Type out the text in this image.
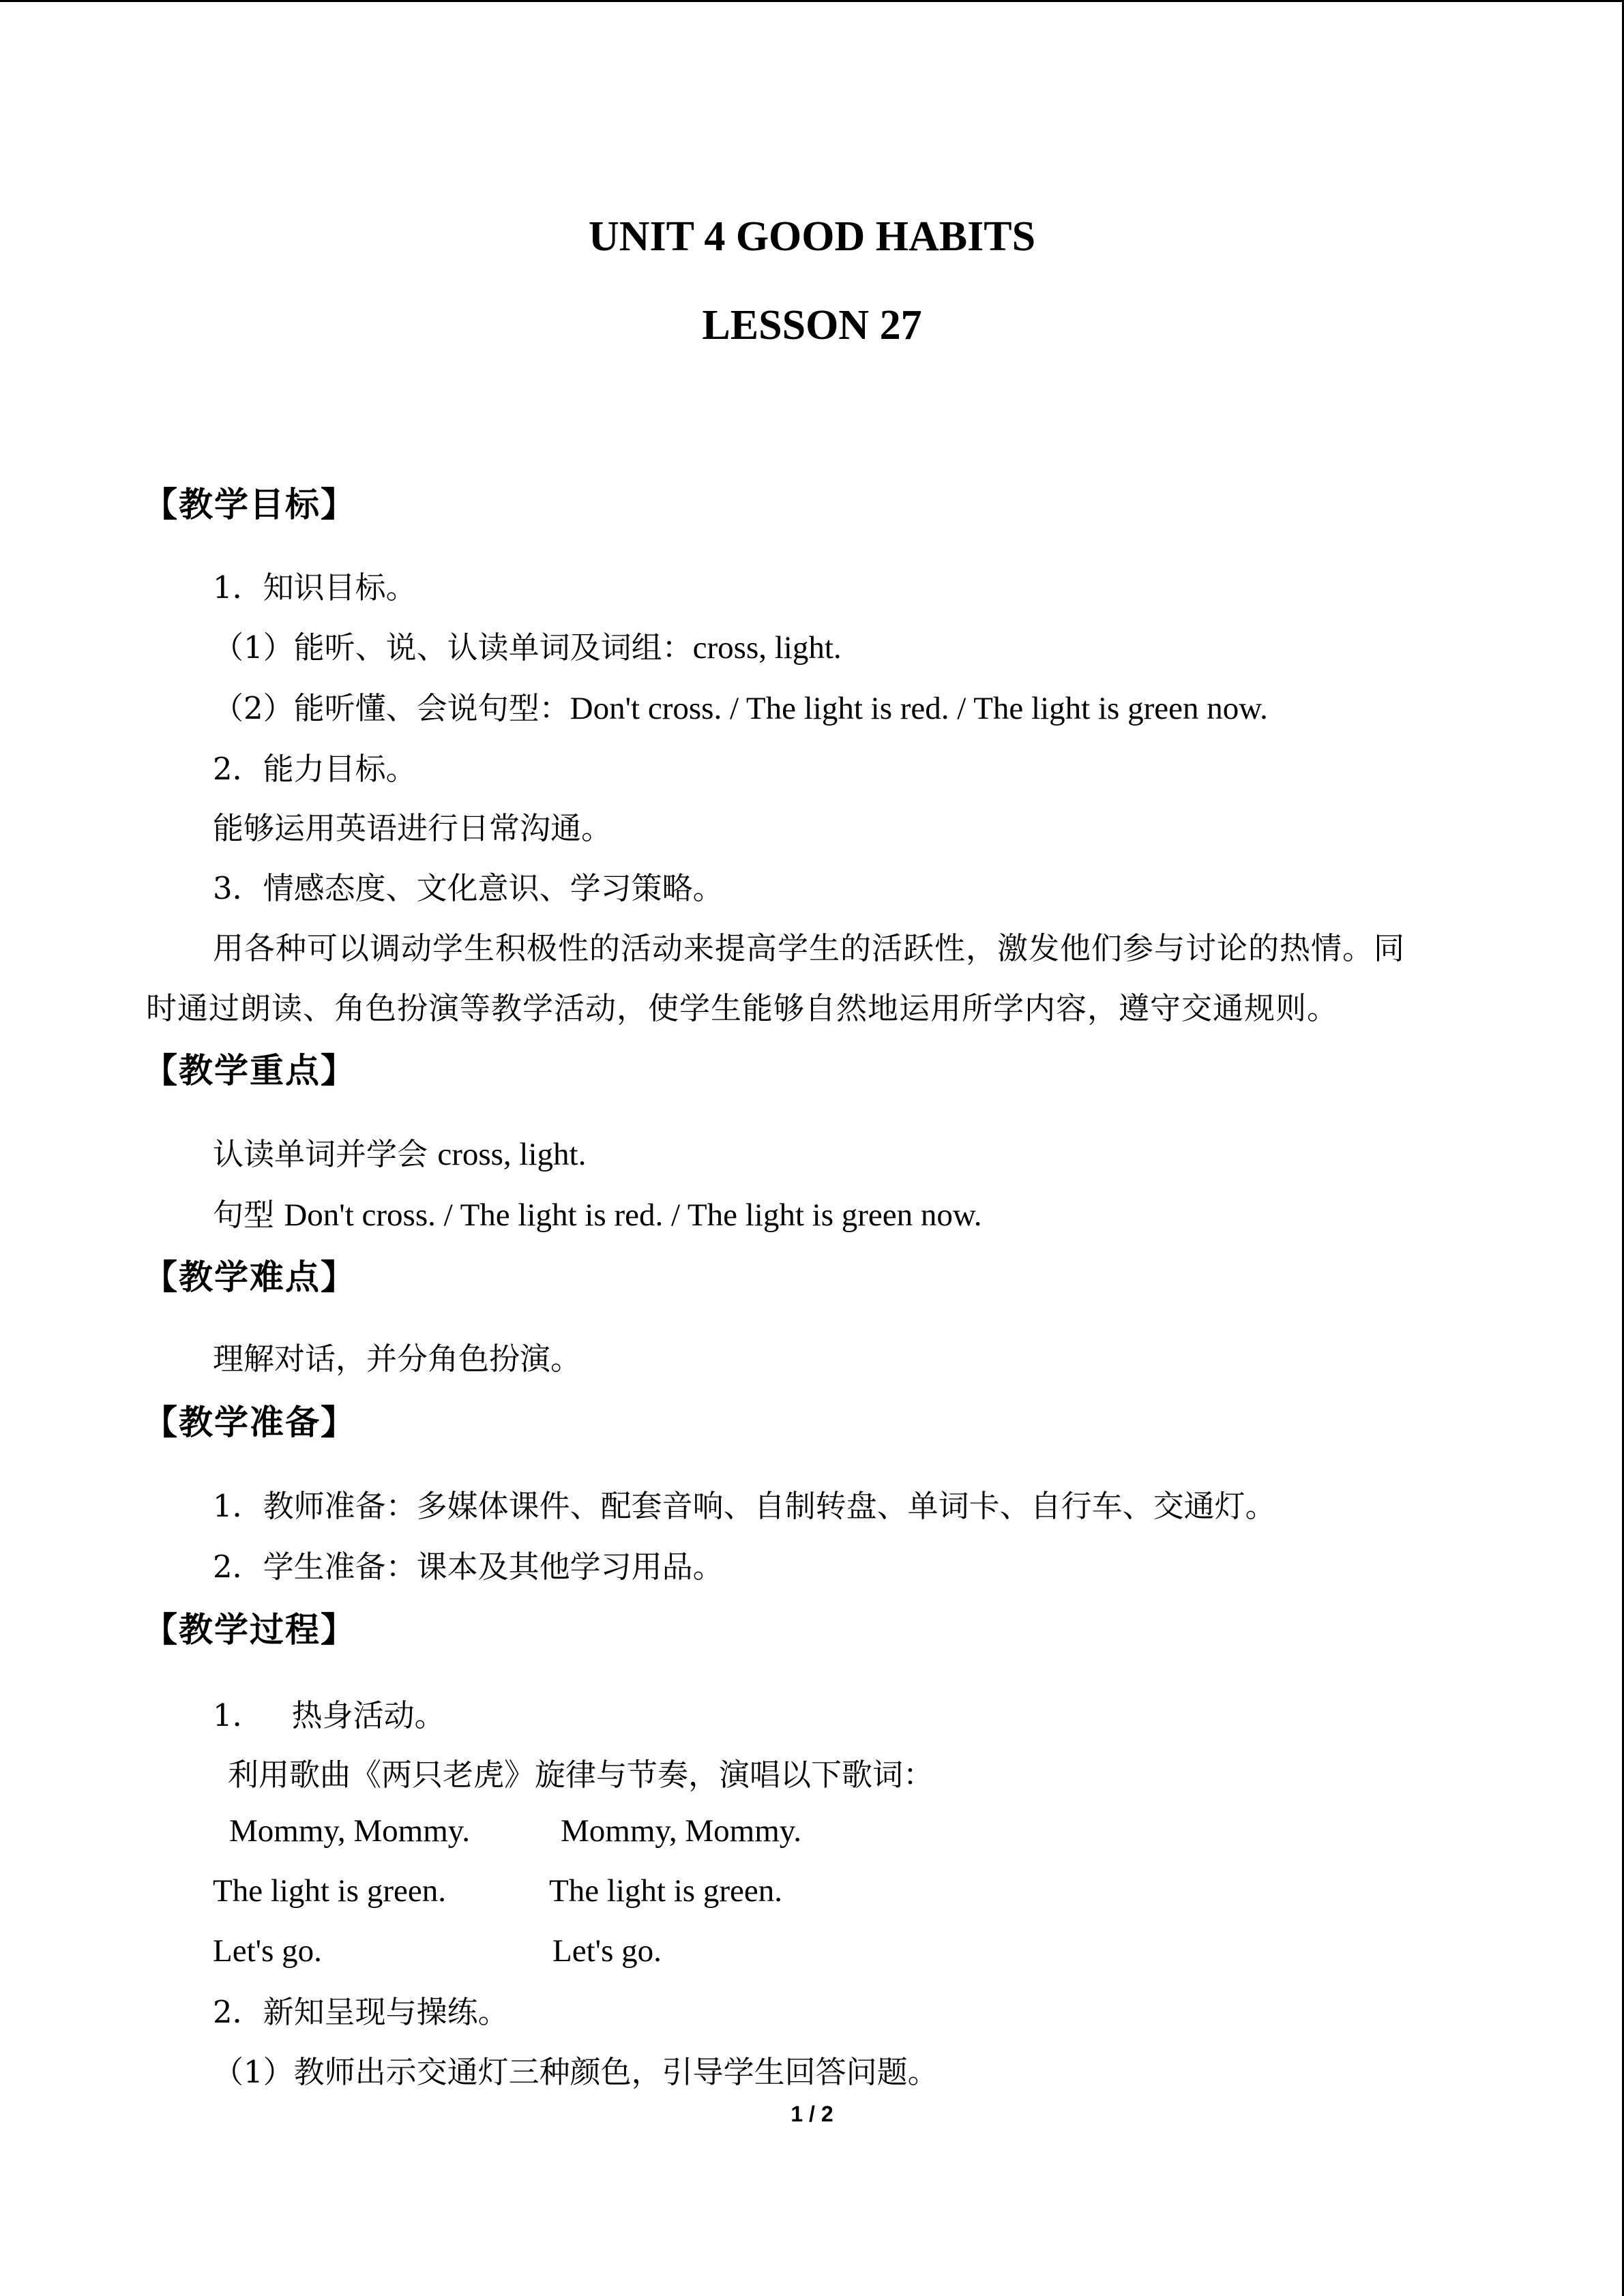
UNIT 4 GOOD HABITS
LESSON 27
【教学目标】
1．知识目标。
（1）能听、说、认读单词及词组：cross, light.
（2）能听懂、会说句型：Don't cross. / The light is red. / The light is green now.
2．能力目标。
能够运用英语进行日常沟通。
3．情感态度、文化意识、学习策略。
用各种可以调动学生积极性的活动来提高学生的活跃性，激发他们参与讨论的热情。同
时通过朗读、角色扮演等教学活动，使学生能够自然地运用所学内容，遵守交通规则。
【教学重点】
认读单词并学会 cross, light.
句型 Don't cross. / The light is red. / The light is green now.
【教学难点】
理解对话，并分角色扮演。
【教学准备】
1．教师准备：多媒体课件、配套音响、自制转盘、单词卡、自行车、交通灯。
2．学生准备：课本及其他学习用品。
【教学过程】
1． 热身活动。
利用歌曲《两只老虎》旋律与节奏，演唱以下歌词：
Mommy, Mommy.	Mommy, Mommy.
The light is green.	The light is green.
Let's go.	Let's go.
2．新知呈现与操练。
（1）教师出示交通灯三种颜色，引导学生回答问题。
1 / 2
